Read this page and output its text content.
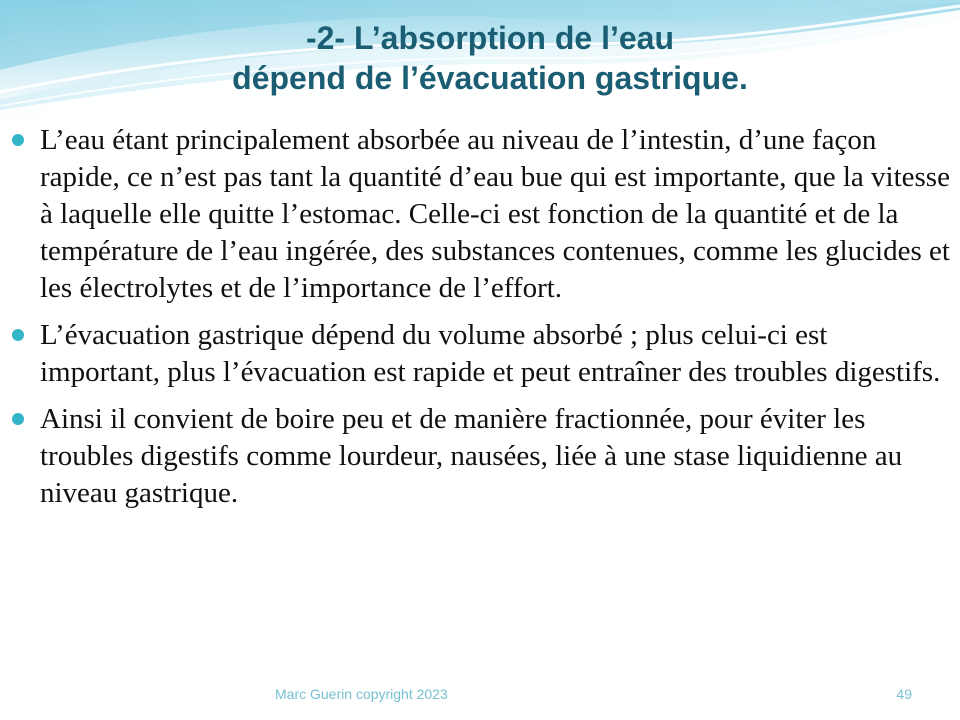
-2- L’absorption de l’eau
dépend de l’évacuation gastrique.
L’eau étant principalement absorbée au niveau de l’intestin, d’une façon rapide, ce n’est pas tant la quantité d’eau bue qui est importante, que la vitesse à laquelle elle quitte l’estomac. Celle-ci est fonction de la quantité et de la température de l’eau ingérée, des substances contenues, comme les glucides et les électrolytes et de l’importance de l’effort.
L’évacuation gastrique dépend du volume absorbé ; plus celui-ci est important, plus l’évacuation est rapide et peut entraîner des troubles digestifs.
Ainsi il convient de boire peu et de manière fractionnée, pour éviter les troubles digestifs comme lourdeur, nausées, liée à une stase liquidienne au niveau gastrique.
Marc Guerin copyright 2023	49
